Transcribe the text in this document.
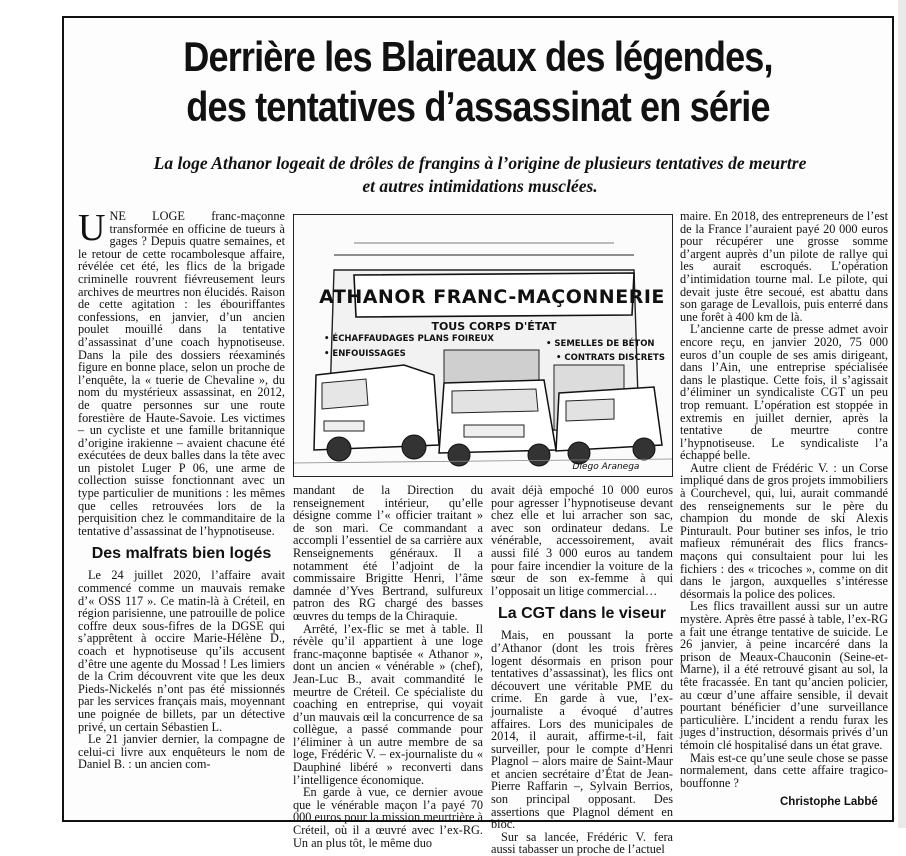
Derrière les Blaireaux des légendes,
des tentatives d’assassinat en série
La loge Athanor logeait de drôles de frangins à l’origine de plusieurs tentatives de meurtre
et autres intimidations musclées.

UNE LOGE franc-maçonne transformée en officine de tueurs à gages ? Depuis quatre semaines, et le retour de cette rocambolesque affaire, révélée cet été, les flics de la brigade criminelle rouvrent fiévreusement leurs archives de meurtres non élucidés. Raison de cette agitation : les ébouriffantes confessions, en janvier, d’un ancien poulet mouillé dans la tentative d’assassinat d’une coach hypnotiseuse. Dans la pile des dossiers réexaminés figure en bonne place, selon un proche de l’enquête, la « tuerie de Chevaline », du nom du mystérieux assassinat, en 2012, de quatre personnes sur une route forestière de Haute-Savoie. Les victimes – un cycliste et une famille britannique d’origine irakienne – avaient chacune été exécutées de deux balles dans la tête avec un pistolet Luger P 06, une arme de collection suisse fonctionnant avec un type particulier de munitions : les mêmes que celles retrouvées lors de la perquisition chez le commanditaire de la tentative d’assassinat de l’hypnotiseuse.

Des malfrats bien logés

Le 24 juillet 2020, l’affaire avait commencé comme un mauvais remake d’« OSS 117 ». Ce matin-là à Créteil, en région parisienne, une patrouille de police coffre deux sous-fifres de la DGSE qui s’apprêtent à occire Marie-Hélène D., coach et hypnotiseuse qu’ils accusent d’être une agente du Mossad ! Les limiers de la Crim découvrent vite que les deux Pieds-Nickelés n’ont pas été missionnés par les services français mais, moyennant une poignée de billets, par un détective privé, un certain Sébastien L.

Le 21 janvier dernier, la compagne de celui-ci livre aux enquêteurs le nom de Daniel B. : un ancien com-

ATHANOR FRANC-MAÇONNERIE
TOUS CORPS D'ÉTAT
• ÉCHAFFAUDAGES PLANS FOIREUX
• ENFOUISSAGES
• SEMELLES DE BÉTON
• CONTRATS DISCRETS
Diego Aranega

mandant de la Direction du renseignement intérieur, qu’elle désigne comme l’« officier traitant » de son mari. Ce commandant a accompli l’essentiel de sa carrière aux Renseignements généraux. Il a notamment été l’adjoint de la commissaire Brigitte Henri, l’âme damnée d’Yves Bertrand, sulfureux patron des RG chargé des basses œuvres du temps de la Chiraquie.

Arrêté, l’ex-flic se met à table. Il révèle qu’il appartient à une loge franc-maçonne baptisée « Athanor », dont un ancien « vénérable » (chef), Jean-Luc B., avait commandité le meurtre de Créteil. Ce spécialiste du coaching en entreprise, qui voyait d’un mauvais œil la concurrence de sa collègue, a passé commande pour l’éliminer à un autre membre de sa loge, Frédéric V. – ex-journaliste du « Dauphiné libéré » reconverti dans l’intelligence économique.

En garde à vue, ce dernier avoue que le vénérable maçon l’a payé 70 000 euros pour la mission meurtrière à Créteil, où il a œuvré avec l’ex-RG. Un an plus tôt, le même duo

avait déjà empoché 10 000 euros pour agresser l’hypnotiseuse devant chez elle et lui arracher son sac, avec son ordinateur dedans. Le vénérable, accessoirement, avait aussi filé 3 000 euros au tandem pour faire incendier la voiture de la sœur de son ex-femme à qui l’opposait un litige commercial…

La CGT dans le viseur

Mais, en poussant la porte d’Athanor (dont les trois frères logent désormais en prison pour tentatives d’assassinat), les flics ont découvert une véritable PME du crime. En garde à vue, l’ex-journaliste a évoqué d’autres affaires. Lors des municipales de 2014, il aurait, affirme-t-il, fait surveiller, pour le compte d’Henri Plagnol – alors maire de Saint-Maur et ancien secrétaire d’État de Jean-Pierre Raffarin –, Sylvain Berrios, son principal opposant. Des assertions que Plagnol dément en bloc.

Sur sa lancée, Frédéric V. fera aussi tabasser un proche de l’actuel

maire. En 2018, des entrepreneurs de l’est de la France l’auraient payé 20 000 euros pour récupérer une grosse somme d’argent auprès d’un pilote de rallye qui les aurait escroqués. L’opération d’intimidation tourne mal. Le pilote, qui devait juste être secoué, est abattu dans son garage de Levallois, puis enterré dans une forêt à 400 km de là.

L’ancienne carte de presse admet avoir encore reçu, en janvier 2020, 75 000 euros d’un couple de ses amis dirigeant, dans l’Ain, une entreprise spécialisée dans le plastique. Cette fois, il s’agissait d’éliminer un syndicaliste CGT un peu trop remuant. L’opération est stoppée in extremis en juillet dernier, après la tentative de meurtre contre l’hypnotiseuse. Le syndicaliste l’a échappé belle.

Autre client de Frédéric V. : un Corse impliqué dans de gros projets immobiliers à Courchevel, qui, lui, aurait commandé des renseignements sur le père du champion du monde de ski Alexis Pinturault. Pour butiner ses infos, le trio mafieux rémunérait des flics francs-maçons qui consultaient pour lui les fichiers : des « tricoches », comme on dit dans le jargon, auxquelles s’intéresse désormais la police des polices.

Les flics travaillent aussi sur un autre mystère. Après être passé à table, l’ex-RG a fait une étrange tentative de suicide. Le 26 janvier, à peine incarcéré dans la prison de Meaux-Chauconin (Seine-et-Marne), il a été retrouvé gisant au sol, la tête fracassée. En tant qu’ancien policier, au cœur d’une affaire sensible, il devait pourtant bénéficier d’une surveillance particulière. L’incident a rendu furax les juges d’instruction, désormais privés d’un témoin clé hospitalisé dans un état grave.

Mais est-ce qu’une seule chose se passe normalement, dans cette affaire tragico-bouffonne ?

Christophe Labbé
